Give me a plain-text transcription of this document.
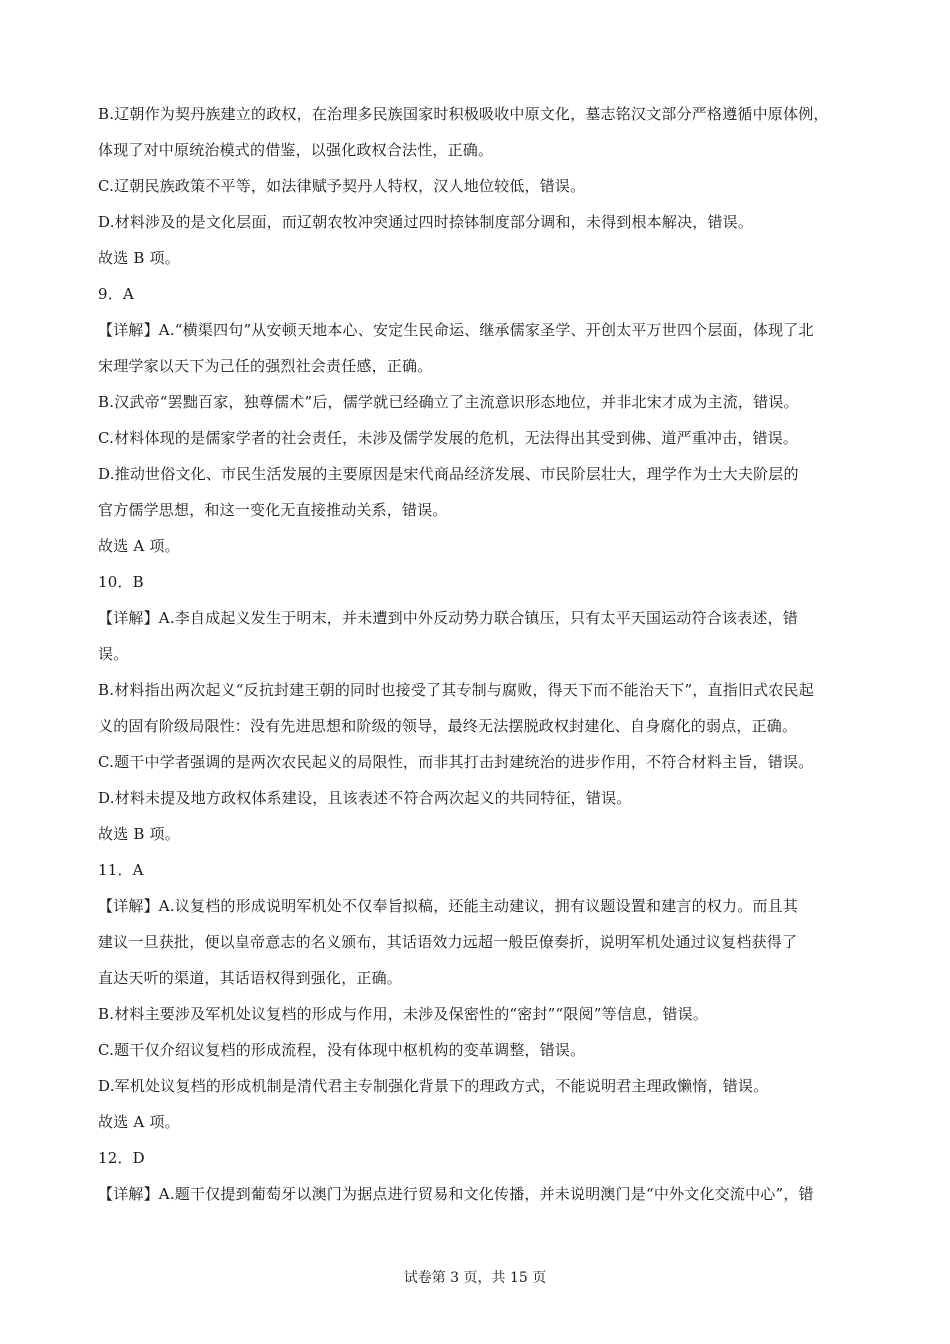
B.辽朝作为契丹族建立的政权，在治理多民族国家时积极吸收中原文化，墓志铭汉文部分严格遵循中原体例，
体现了对中原统治模式的借鉴，以强化政权合法性，正确。
C.辽朝民族政策不平等，如法律赋予契丹人特权，汉人地位较低，错误。
D.材料涉及的是文化层面，而辽朝农牧冲突通过四时捺钵制度部分调和，未得到根本解决，错误。
故选 B 项。
9．A
【详解】A.“横渠四句”从安顿天地本心、安定生民命运、继承儒家圣学、开创太平万世四个层面，体现了北
宋理学家以天下为己任的强烈社会责任感，正确。
B.汉武帝“罢黜百家，独尊儒术”后，儒学就已经确立了主流意识形态地位，并非北宋才成为主流，错误。
C.材料体现的是儒家学者的社会责任，未涉及儒学发展的危机，无法得出其受到佛、道严重冲击，错误。
D.推动世俗文化、市民生活发展的主要原因是宋代商品经济发展、市民阶层壮大，理学作为士大夫阶层的
官方儒学思想，和这一变化无直接推动关系，错误。
故选 A 项。
10．B
【详解】A.李自成起义发生于明末，并未遭到中外反动势力联合镇压，只有太平天国运动符合该表述，错
误。
B.材料指出两次起义“反抗封建王朝的同时也接受了其专制与腐败，得天下而不能治天下”，直指旧式农民起
义的固有阶级局限性：没有先进思想和阶级的领导，最终无法摆脱政权封建化、自身腐化的弱点，正确。
C.题干中学者强调的是两次农民起义的局限性，而非其打击封建统治的进步作用，不符合材料主旨，错误。
D.材料未提及地方政权体系建设，且该表述不符合两次起义的共同特征，错误。
故选 B 项。
11．A
【详解】A.议复档的形成说明军机处不仅奉旨拟稿，还能主动建议，拥有议题设置和建言的权力。而且其
建议一旦获批，便以皇帝意志的名义颁布，其话语效力远超一般臣僚奏折，说明军机处通过议复档获得了
直达天听的渠道，其话语权得到强化，正确。
B.材料主要涉及军机处议复档的形成与作用，未涉及保密性的“密封”“限阅”等信息，错误。
C.题干仅介绍议复档的形成流程，没有体现中枢机构的变革调整，错误。
D.军机处议复档的形成机制是清代君主专制强化背景下的理政方式，不能说明君主理政懒惰，错误。
故选 A 项。
12．D
【详解】A.题干仅提到葡萄牙以澳门为据点进行贸易和文化传播，并未说明澳门是“中外文化交流中心”，错
试卷第 3 页，共 15 页
